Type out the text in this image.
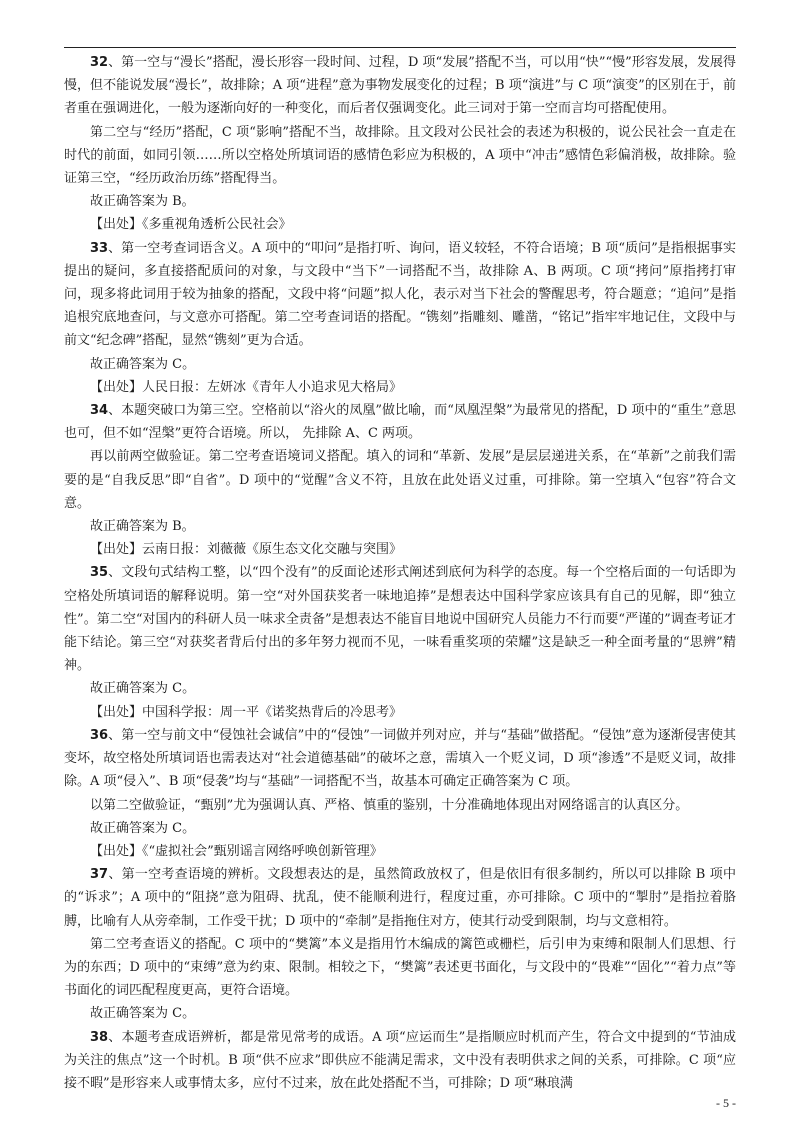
32、第一空与“漫长”搭配，漫长形容一段时间、过程，D 项“发展”搭配不当，可以用“快”“慢”形容发展，发展得慢，但不能说发展“漫长”，故排除；A 项“进程”意为事物发展变化的过程；B 项“演进”与 C 项“演变”的区别在于，前者重在强调进化，一般为逐渐向好的一种变化，而后者仅强调变化。此三词对于第一空而言均可搭配使用。

第二空与“经历”搭配，C 项“影响”搭配不当，故排除。且文段对公民社会的表述为积极的，说公民社会一直走在时代的前面，如同引领……所以空格处所填词语的感情色彩应为积极的，A 项中“冲击”感情色彩偏消极，故排除。验证第三空，“经历政治历练”搭配得当。

故正确答案为 B。

【出处】《多重视角透析公民社会》

33、第一空考查词语含义。A 项中的“叩问”是指打听、询问，语义较轻，不符合语境；B 项“质问”是指根据事实提出的疑问，多直接搭配质问的对象，与文段中“当下”一词搭配不当，故排除 A、B 两项。C 项“拷问”原指拷打审问，现多将此词用于较为抽象的搭配，文段中将“问题”拟人化，表示对当下社会的警醒思考，符合题意；“追问”是指追根究底地查问，与文意亦可搭配。第二空考查词语的搭配。“镌刻”指雕刻、雕凿，“铭记”指牢牢地记住，文段中与前文“纪念碑”搭配，显然“镌刻”更为合适。

故正确答案为 C。

【出处】人民日报：左妍冰《青年人小追求见大格局》

34、本题突破口为第三空。空格前以“浴火的凤凰”做比喻，而“凤凰涅槃”为最常见的搭配，D 项中的“重生”意思也可，但不如“涅槃”更符合语境。所以， 先排除 A、C 两项。

再以前两空做验证。第二空考查语境词义搭配。填入的词和“革新、发展”是层层递进关系，在“革新”之前我们需要的是“自我反思”即“自省”。D 项中的“觉醒”含义不符，且放在此处语义过重，可排除。第一空填入“包容”符合文意。

故正确答案为 B。

【出处】云南日报：刘薇薇《原生态文化交融与突围》

35、文段句式结构工整，以“四个没有”的反面论述形式阐述到底何为科学的态度。每一个空格后面的一句话即为空格处所填词语的解释说明。第一空“对外国获奖者一味地追捧”是想表达中国科学家应该具有自己的见解，即“独立性”。第二空“对国内的科研人员一味求全责备”是想表达不能盲目地说中国研究人员能力不行而要“严谨的”调查考证才能下结论。第三空“对获奖者背后付出的多年努力视而不见，一味看重奖项的荣耀”这是缺乏一种全面考量的“思辨”精神。

故正确答案为 C。

【出处】中国科学报：周一平《诺奖热背后的冷思考》

36、第一空与前文中“侵蚀社会诚信”中的“侵蚀”一词做并列对应，并与“基础”做搭配。“侵蚀”意为逐渐侵害使其变坏，故空格处所填词语也需表达对“社会道德基础”的破坏之意，需填入一个贬义词，D 项“渗透”不是贬义词，故排除。A 项“侵入”、B 项“侵袭”均与“基础”一词搭配不当，故基本可确定正确答案为 C 项。

以第二空做验证，“甄别”尤为强调认真、严格、慎重的鉴别，十分准确地体现出对网络谣言的认真区分。

故正确答案为 C。

【出处】《“虚拟社会”甄别谣言网络呼唤创新管理》

37、第一空考查语境的辨析。文段想表达的是，虽然简政放权了，但是依旧有很多制约，所以可以排除 B 项中的“诉求”；A 项中的“阻挠”意为阻碍、扰乱，使不能顺利进行，程度过重，亦可排除。C 项中的“掣肘”是指拉着胳膊，比喻有人从旁牵制，工作受干扰；D 项中的“牵制”是指拖住对方，使其行动受到限制，均与文意相符。

第二空考查语义的搭配。C 项中的“樊篱”本义是指用竹木编成的篱笆或栅栏，后引申为束缚和限制人们思想、行为的东西；D 项中的“束缚”意为约束、限制。相较之下，“樊篱”表述更书面化，与文段中的“畏难”“固化”“着力点”等书面化的词匹配程度更高，更符合语境。

故正确答案为 C。

38、本题考查成语辨析，都是常见常考的成语。A 项“应运而生”是指顺应时机而产生，符合文中提到的“节油成为关注的焦点”这一个时机。B 项“供不应求”即供应不能满足需求，文中没有表明供求之间的关系，可排除。C 项“应接不暇”是形容来人或事情太多，应付不过来，放在此处搭配不当，可排除；D 项“琳琅满

- 5 -
